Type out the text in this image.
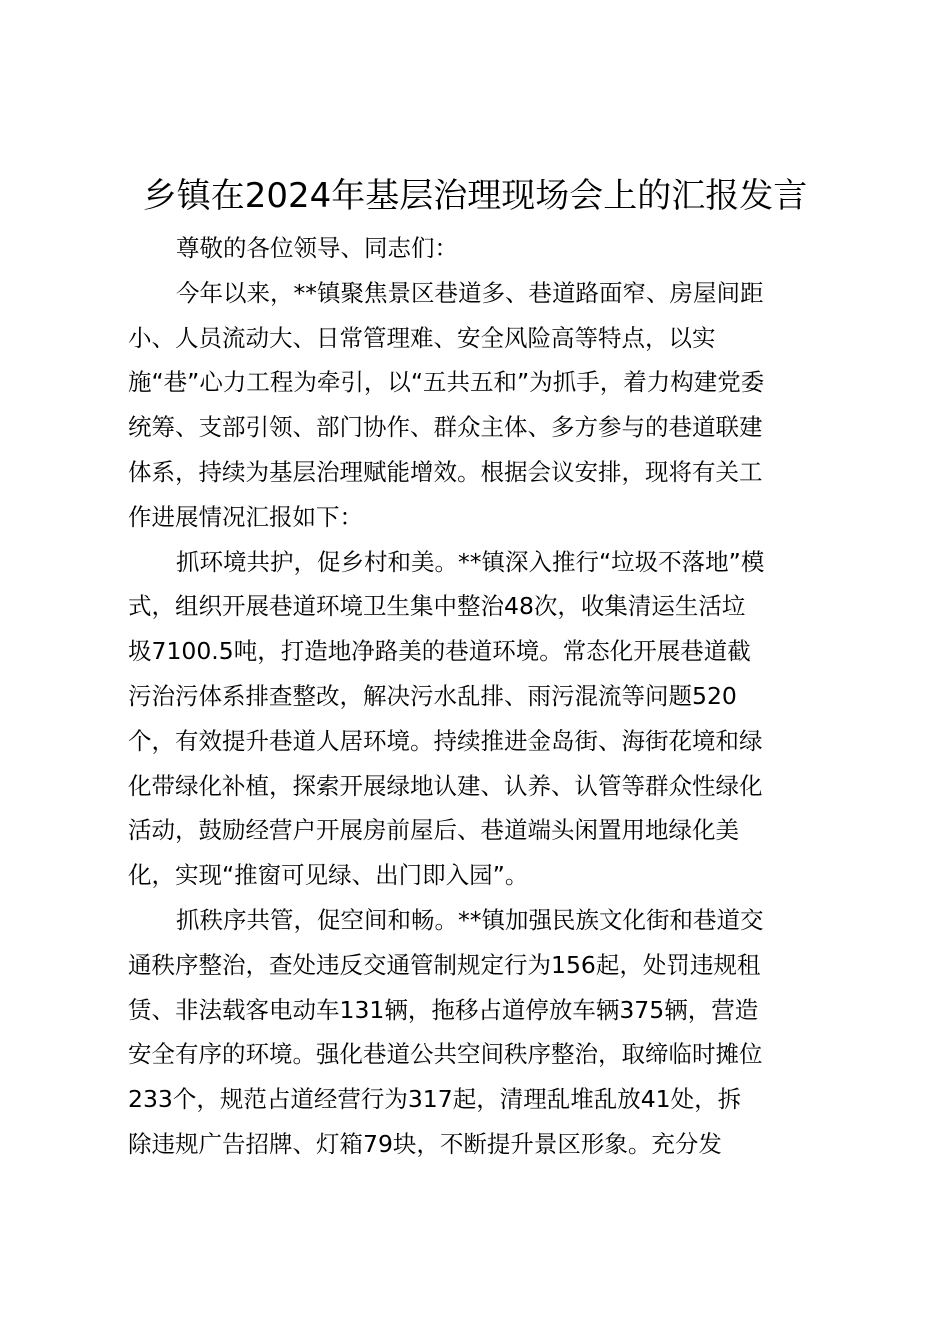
乡镇在2024年基层治理现场会上的汇报发言
尊敬的各位领导、同志们：
今年以来，**镇聚焦景区巷道多、巷道路面窄、房屋间距
小、人员流动大、日常管理难、安全风险高等特点，以实
施“巷”心力工程为牵引，以“五共五和”为抓手，着力构建党委
统筹、支部引领、部门协作、群众主体、多方参与的巷道联建
体系，持续为基层治理赋能增效。根据会议安排，现将有关工
作进展情况汇报如下：
抓环境共护，促乡村和美。**镇深入推行“垃圾不落地”模
式，组织开展巷道环境卫生集中整治48次，收集清运生活垃
圾7100.5吨，打造地净路美的巷道环境。常态化开展巷道截
污治污体系排查整改，解决污水乱排、雨污混流等问题520
个，有效提升巷道人居环境。持续推进金岛街、海街花境和绿
化带绿化补植，探索开展绿地认建、认养、认管等群众性绿化
活动，鼓励经营户开展房前屋后、巷道端头闲置用地绿化美
化，实现“推窗可见绿、出门即入园”。
抓秩序共管，促空间和畅。**镇加强民族文化街和巷道交
通秩序整治，查处违反交通管制规定行为156起，处罚违规租
赁、非法载客电动车131辆，拖移占道停放车辆375辆，营造
安全有序的环境。强化巷道公共空间秩序整治，取缔临时摊位
233个，规范占道经营行为317起，清理乱堆乱放41处，拆
除违规广告招牌、灯箱79块，不断提升景区形象。充分发
